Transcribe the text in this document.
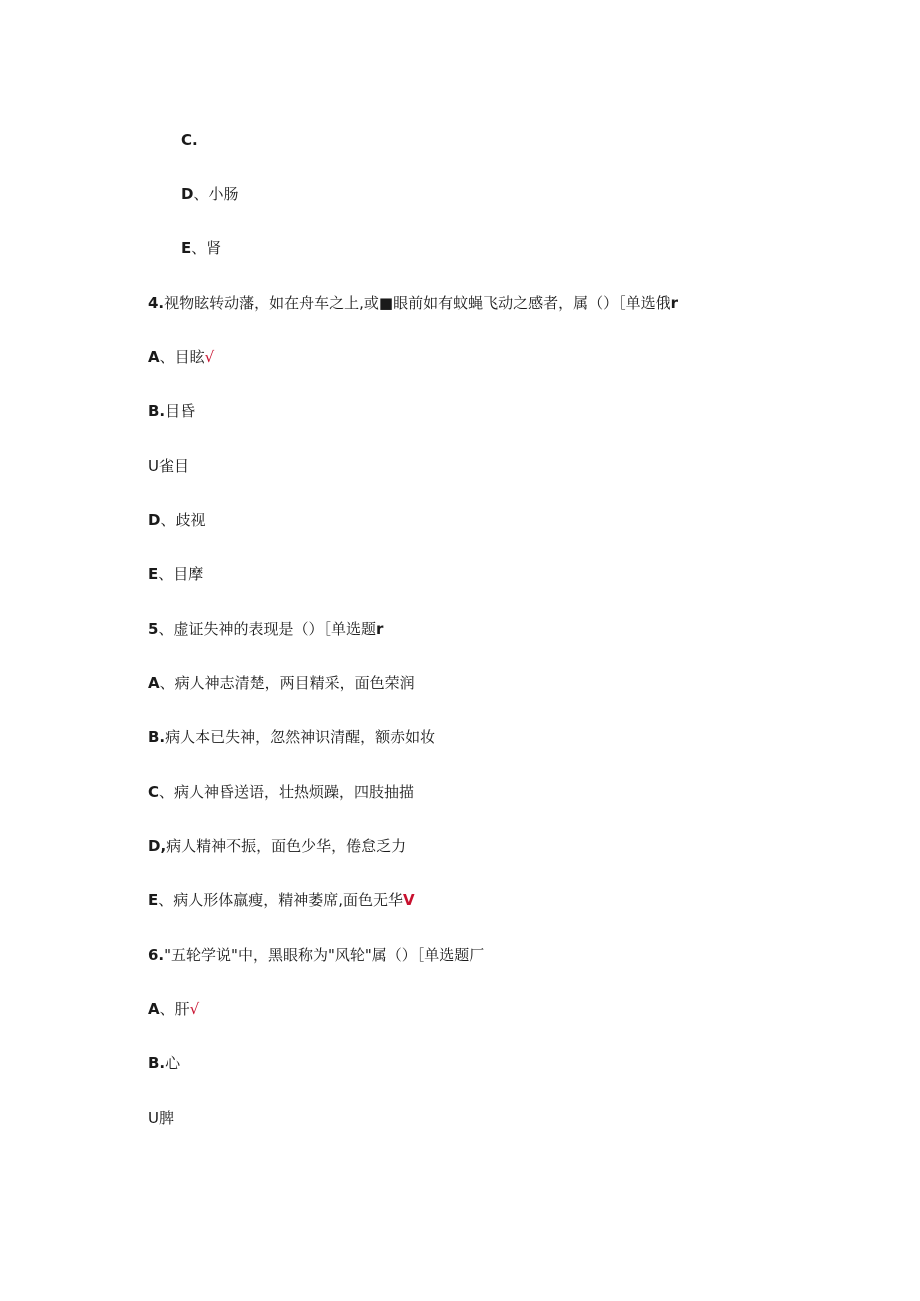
C.
D、小肠
E、肾
4.视物眩转动藩，如在舟车之上,或■眼前如有蚊蝇飞动之感者，属（）［单选俄r
A、目眩√
B.目昏
U雀目
D、歧视
E、目摩
5、虚证失神的表现是（）［单选题r
A、病人神志清楚，两目精采，面色荣润
B.病人本已失神，忽然神识清醒，额赤如妆
C、病人神昏送语，壮热烦躁，四肢抽描
D,病人精神不振，面色少华，倦怠乏力
E、病人形体羸瘦，精神萎席,面色无华V
6."五轮学说"中，黑眼称为"风轮"属（）［单选题厂
A、肝√
B.心
U脾
